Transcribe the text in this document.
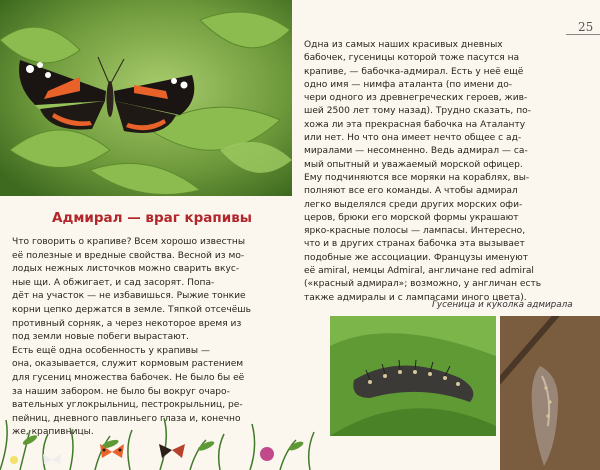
Адмирал — враг крапивы
Что говорить о крапиве? Всем хорошо известны
её полезные и вредные свойства. Весной из мо-
лодых нежных листочков можно сварить вкус-
ные щи. А обжигает, и сад засорят. Попа-
дёт на участок — не избавишься. Рыжие тонкие
корни цепко держатся в земле. Тяпкой отсечёшь
противный сорняк, а через некоторое время из
под земли новые побеги вырастают.
Есть ещё одна особенность у крапивы —
она, оказывается, служит кормовым растением
для гусениц множества бабочек. Не было бы её
за нашим забором. не было бы вокруг очаро-
вательных углокрыльниц, пестрокрыльниц, ре-
пейниц, дневного павлиньего глаза и, конечно
же, крапивницы.
25
Одна из самых наших красивых дневных
бабочек, гусеницы которой тоже пасутся на
крапиве, — бабочка-адмирал. Есть у неё ещё
одно имя — нимфа аталанта (по имени до-
чери одного из древнегреческих героев, жив-
шей 2500 лет тому назад). Трудно сказать, по-
хожа ли эта прекрасная бабочка на Аталанту
или нет. Но что она имеет нечто общее с ад-
миралами — несомненно. Ведь адмирал — са-
мый опытный и уважаемый морской офицер.
Ему подчиняются все моряки на кораблях, вы-
полняют все его команды. А чтобы адмирал
легко выделялся среди других морских офи-
церов, брюки его морской формы украшают
ярко-красные полосы — лампасы. Интересно,
что и в других странах бабочка эта вызывает
подобные же ассоциации. Французы именуют
её amiral, немцы Admiral, англичане red admiral
(«красный адмирал»; возможно, у англичан есть
также адмиралы и с лампасами иного цвета).
Гусеница и куколка адмирала
